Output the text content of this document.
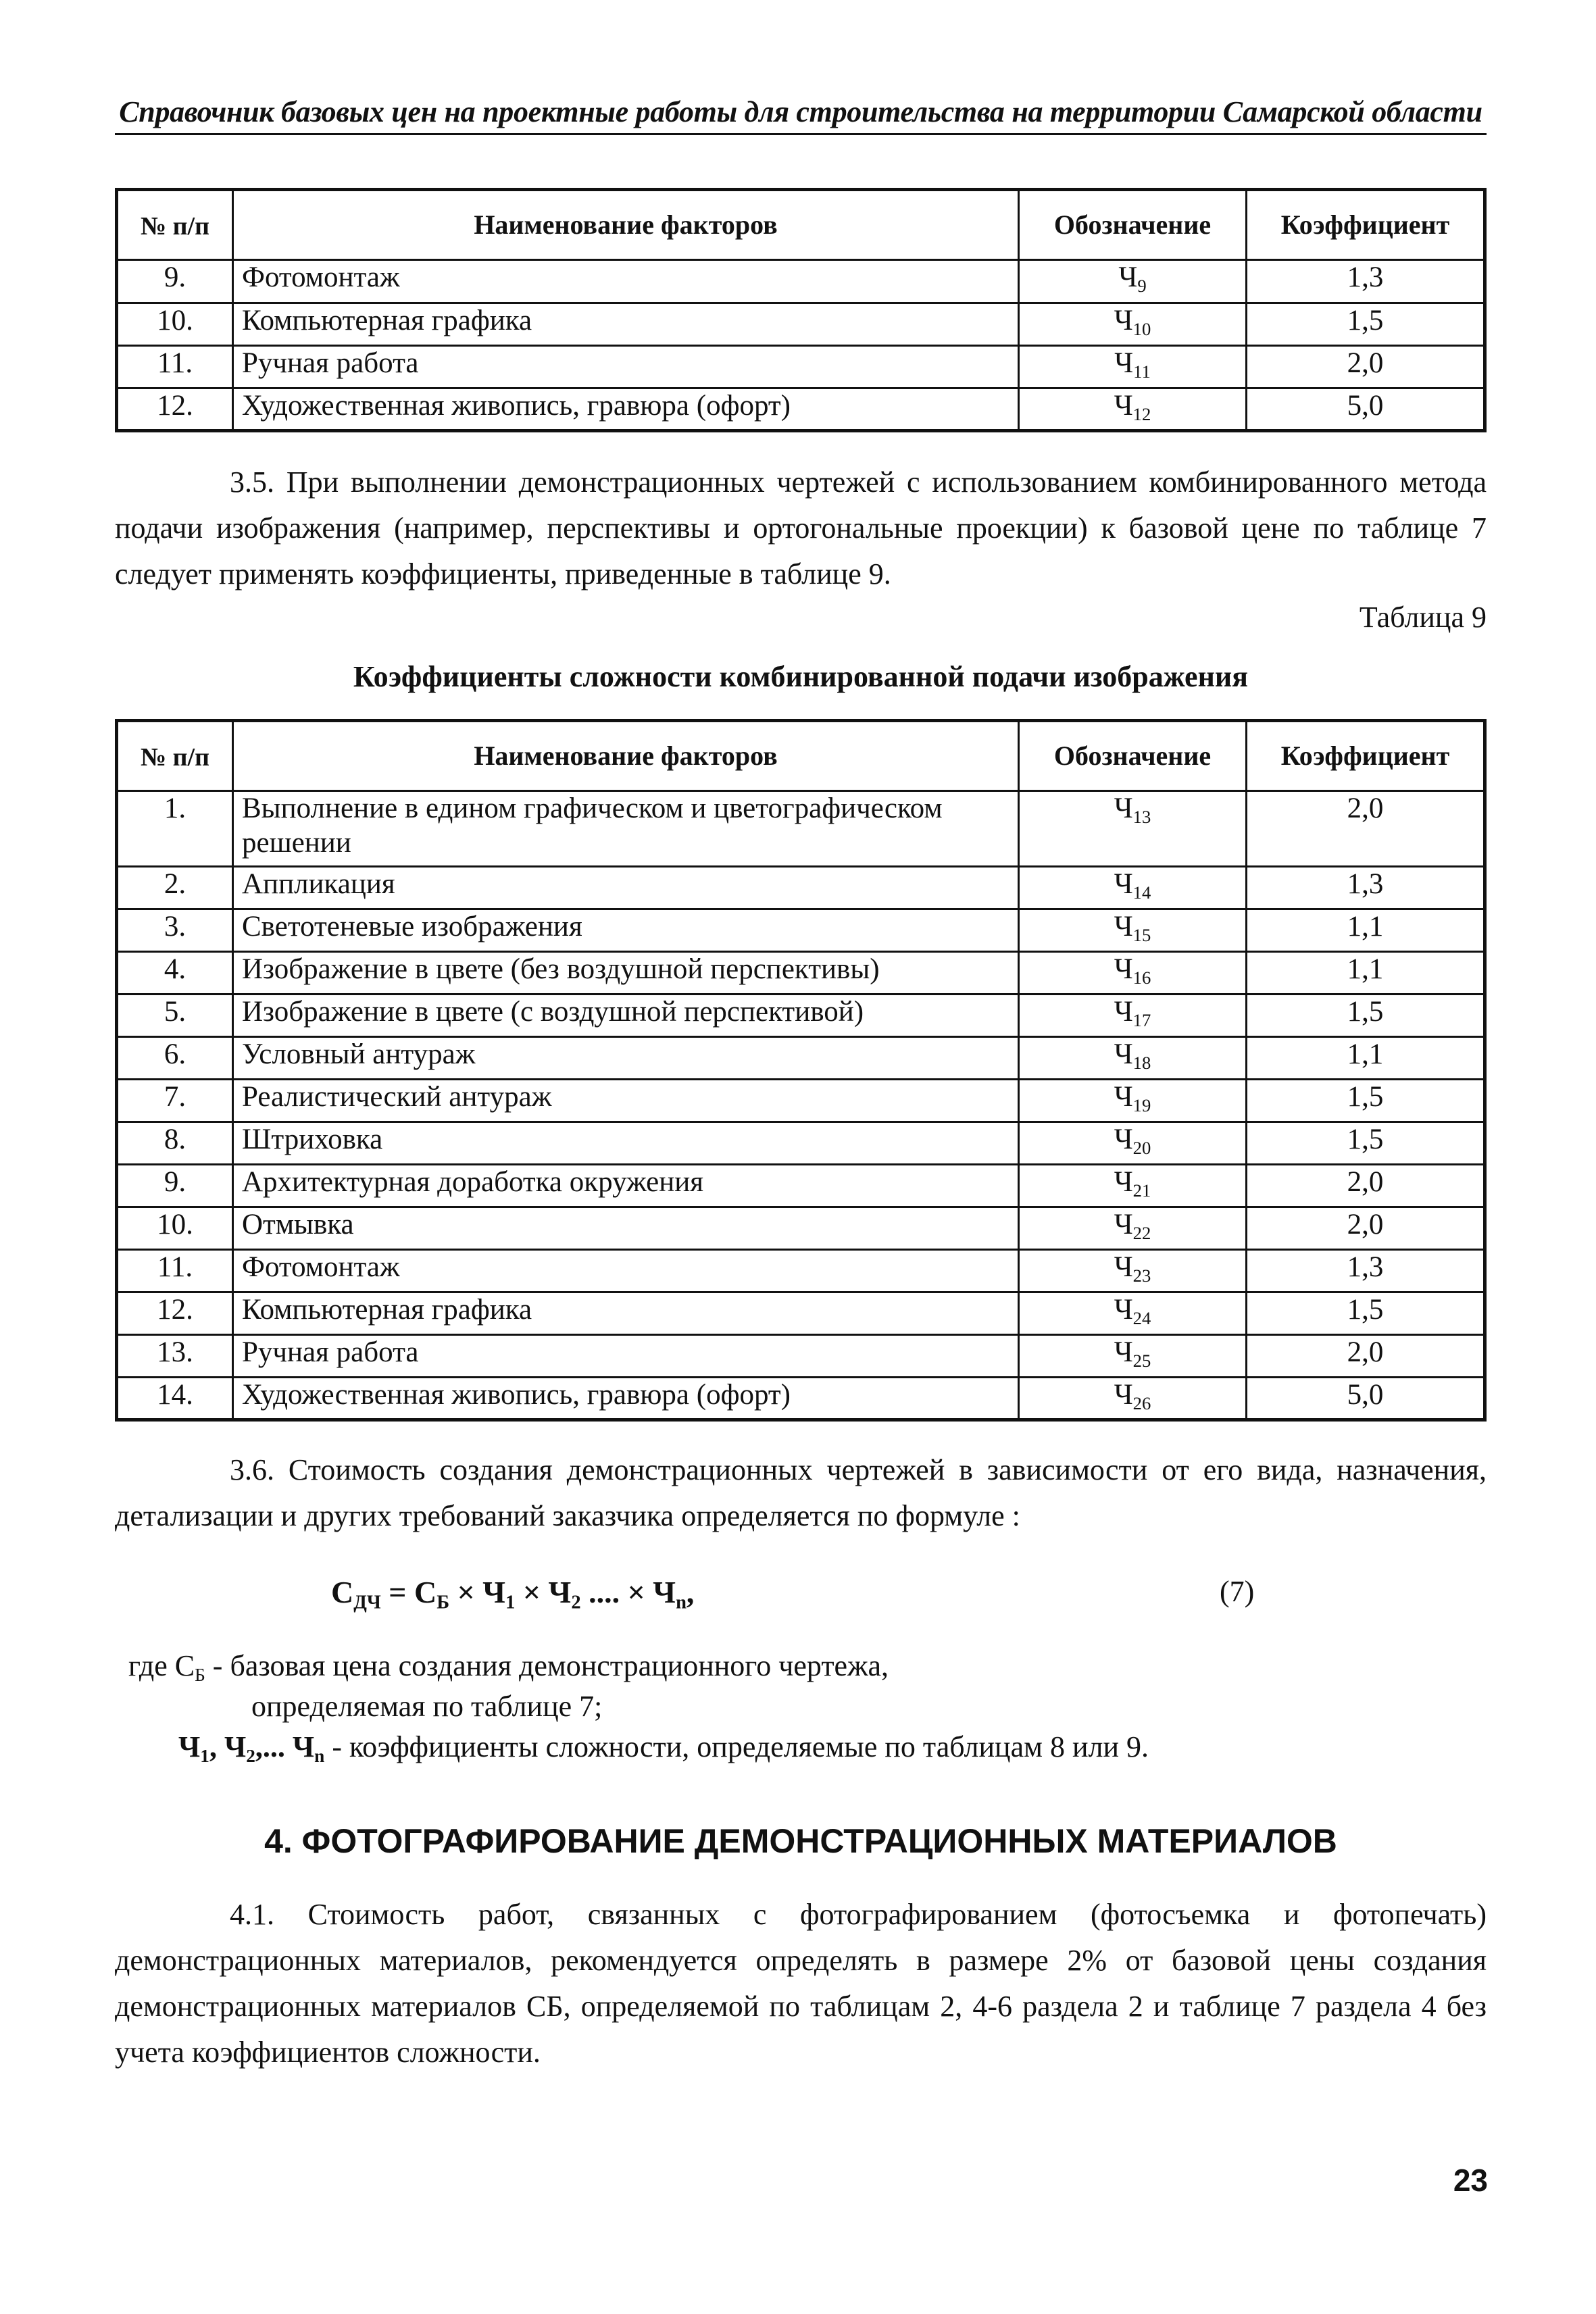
Справочник базовых цен на проектные работы для строительства на территории Самарской области
№ п/п	Наименование факторов	Обозначение	Коэффициент
9.	Фотомонтаж	$Ч_9$	1,3
10.	Компьютерная графика	$Ч_{10}$	1,5
11.	Ручная работа	$Ч_{11}$	2,0
12.	Художественная живопись, гравюра (офорт)	$Ч_{12}$	5,0

3.5. При выполнении демонстрационных чертежей с использованием комбинированного метода подачи изображения (например, перспективы и ортогональные проекции) к базовой цене по таблице 7 следует применять коэффициенты, приведенные в таблице 9.

Таблица 9
Коэффициенты сложности комбинированной подачи изображения
№ п/п	Наименование факторов	Обозначение	Коэффициент
1.	Выполнение в едином графическом и цветографическом решении	$Ч_{13}$	2,0
2.	Аппликация	$Ч_{14}$	1,3
3.	Светотеневые изображения	$Ч_{15}$	1,1
4.	Изображение в цвете (без воздушной перспективы)	$Ч_{16}$	1,1
5.	Изображение в цвете (с воздушной перспективой)	$Ч_{17}$	1,5
6.	Условный антураж	$Ч_{18}$	1,1
7.	Реалистический антураж	$Ч_{19}$	1,5
8.	Штриховка	$Ч_{20}$	1,5
9.	Архитектурная доработка окружения	$Ч_{21}$	2,0
10.	Отмывка	$Ч_{22}$	2,0
11.	Фотомонтаж	$Ч_{23}$	1,3
12.	Компьютерная графика	$Ч_{24}$	1,5
13.	Ручная работа	$Ч_{25}$	2,0
14.	Художественная живопись, гравюра (офорт)	$Ч_{26}$	5,0

3.6. Стоимость создания демонстрационных чертежей в зависимости от его вида, назначения, детализации и других требований заказчика определяется по формуле :

$С_{ДЧ} = С_Б \times Ч_1 \times Ч_2$ .... × $Ч_n$,	(7)
где $С_Б$ - базовая цена создания демонстрационного чертежа,
определяемая по таблице 7;
$Ч_1$, $Ч_2$,... $Ч_n$ - коэффициенты сложности, определяемые по таблицам 8 или 9.
4. ФОТОГРАФИРОВАНИЕ ДЕМОНСТРАЦИОННЫХ МАТЕРИАЛОВ

4.1. Стоимость работ, связанных с фотографированием (фотосъемка и фотопечать) демонстрационных материалов, рекомендуется определять в размере 2% от базовой цены создания демонстрационных материалов СБ, определяемой по таблицам 2, 4-6 раздела 2 и таблице 7 раздела 4 без учета коэффициентов сложности.

23
